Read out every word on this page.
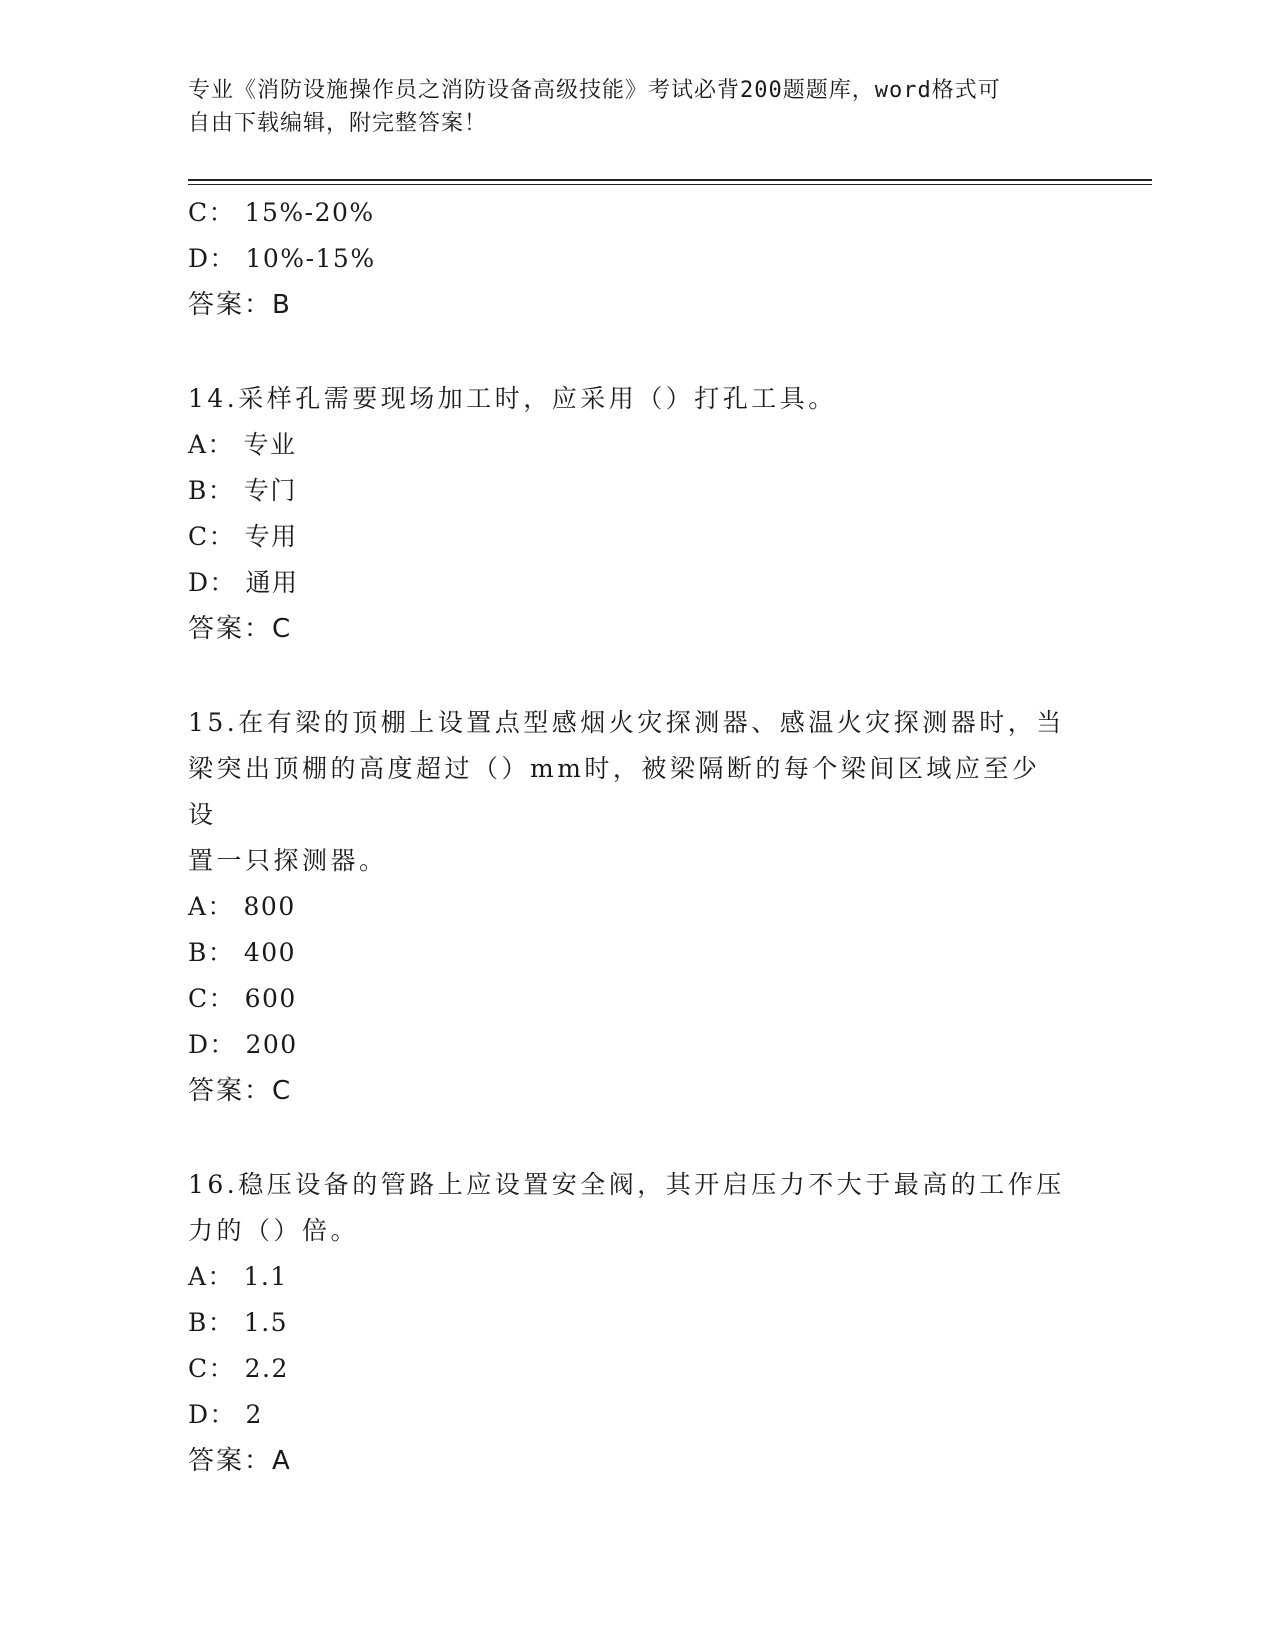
专业《消防设施操作员之消防设备高级技能》考试必背200题题库，word格式可
自由下载编辑，附完整答案！
C： 15%-20%
D： 10%-15%
答案：B
14.采样孔需要现场加工时，应采用（）打孔工具。
A： 专业
B： 专门
C： 专用
D： 通用
答案：C
15.在有梁的顶棚上设置点型感烟火灾探测器、感温火灾探测器时，当
梁突出顶棚的高度超过（）mm时，被梁隔断的每个梁间区域应至少设
置一只探测器。
A： 800
B： 400
C： 600
D： 200
答案：C
16.稳压设备的管路上应设置安全阀，其开启压力不大于最高的工作压
力的（）倍。
A： 1.1
B： 1.5
C： 2.2
D： 2
答案：A
